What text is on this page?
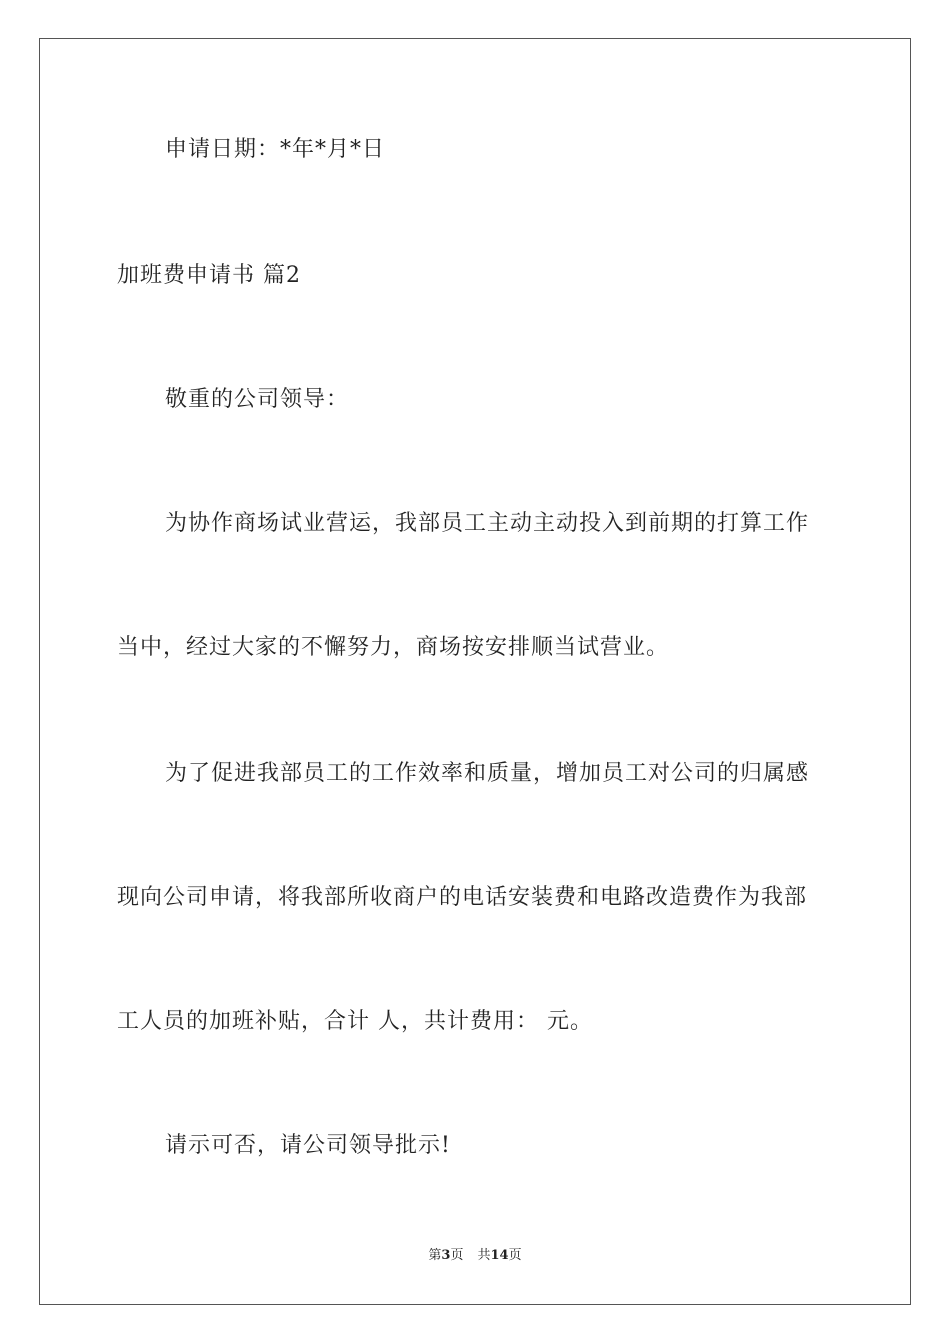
申请日期：*年*月*日
加班费申请书 篇2
敬重的公司领导：
为协作商场试业营运，我部员工主动主动投入到前期的打算工作
当中，经过大家的不懈努力，商场按安排顺当试营业。
为了促进我部员工的工作效率和质量，增加员工对公司的归属感
现向公司申请，将我部所收商户的电话安装费和电路改造费作为我部
工人员的加班补贴，合计 人，共计费用： 元。
请示可否，请公司领导批示!
第3页 共14页
